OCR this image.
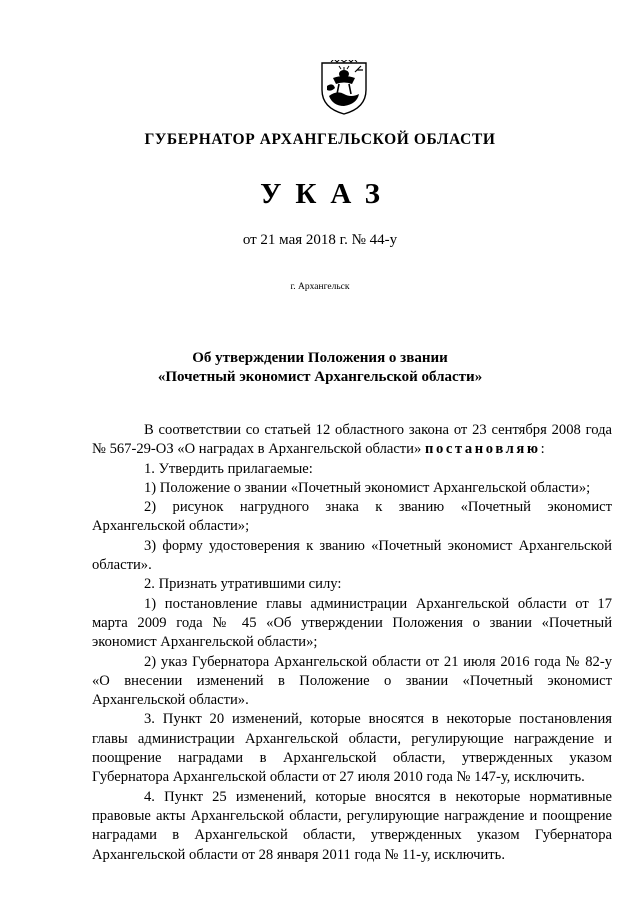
ГУБЕРНАТОР АРХАНГЕЛЬСКОЙ ОБЛАСТИ
УКАЗ
от 21 мая 2018 г. № 44-у
г. Архангельск
Об утверждении Положения о звании
«Почетный экономист Архангельской области»

В соответствии со статьей 12 областного закона от 23 сентября 2008 года № 567-29-ОЗ «О наградах в Архангельской области» постановляю:

1. Утвердить прилагаемые:

1) Положение о звании «Почетный экономист Архангельской области»;

2) рисунок нагрудного знака к званию «Почетный экономист Архангельской области»;

3) форму удостоверения к званию «Почетный экономист Архангельской области».

2. Признать утратившими силу:

1) постановление главы администрации Архангельской области от 17 марта 2009 года № 45 «Об утверждении Положения о звании «Почетный экономист Архангельской области»;

2) указ Губернатора Архангельской области от 21 июля 2016 года № 82-у «О внесении изменений в Положение о звании «Почетный экономист Архангельской области».

3. Пункт 20 изменений, которые вносятся в некоторые постановления главы администрации Архангельской области, регулирующие награждение и поощрение наградами в Архангельской области, утвержденных указом Губернатора Архангельской области от 27 июля 2010 года № 147-у, исключить.

4. Пункт 25 изменений, которые вносятся в некоторые нормативные правовые акты Архангельской области, регулирующие награждение и поощрение наградами в Архангельской области, утвержденных указом Губернатора Архангельской области от 28 января 2011 года № 11-у, исключить.
